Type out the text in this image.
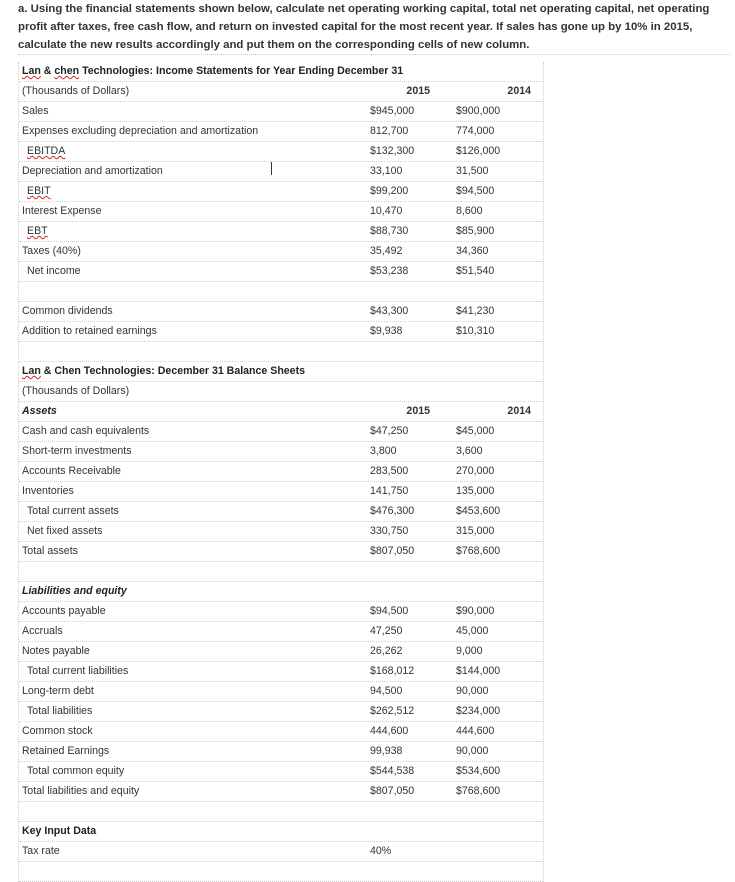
a. Using the financial statements shown below, calculate net operating working capital, total net operating capital, net operating profit after taxes, free cash flow, and return on invested capital for the most recent year. If sales has gone up by 10% in 2015, calculate the new results accordingly and put them on the corresponding cells of new column.
Lan & chen Technologies: Income Statements for Year Ending December 31
(Thousands of Dollars)	2015	2014
Sales	$945,000	$900,000
Expenses excluding depreciation and amortization	812,700	774,000
EBITDA	$132,300	$126,000
Depreciation and amortization	33,100	31,500
EBIT	$99,200	$94,500
Interest Expense	10,470	8,600
EBT	$88,730	$85,900
Taxes (40%)	35,492	34,360
Net income	$53,238	$51,540
Common dividends	$43,300	$41,230
Addition to retained earnings	$9,938	$10,310
Lan & Chen Technologies: December 31 Balance Sheets
(Thousands of Dollars)
Assets	2015	2014
Cash and cash equivalents	$47,250	$45,000
Short-term investments	3,800	3,600
Accounts Receivable	283,500	270,000
Inventories	141,750	135,000
Total current assets	$476,300	$453,600
Net fixed assets	330,750	315,000
Total assets	$807,050	$768,600
Liabilities and equity
Accounts payable	$94,500	$90,000
Accruals	47,250	45,000
Notes payable	26,262	9,000
Total current liabilities	$168,012	$144,000
Long-term debt	94,500	90,000
Total liabilities	$262,512	$234,000
Common stock	444,600	444,600
Retained Earnings	99,938	90,000
Total common equity	$544,538	$534,600
Total liabilities and equity	$807,050	$768,600
Key Input Data
Tax rate	40%
